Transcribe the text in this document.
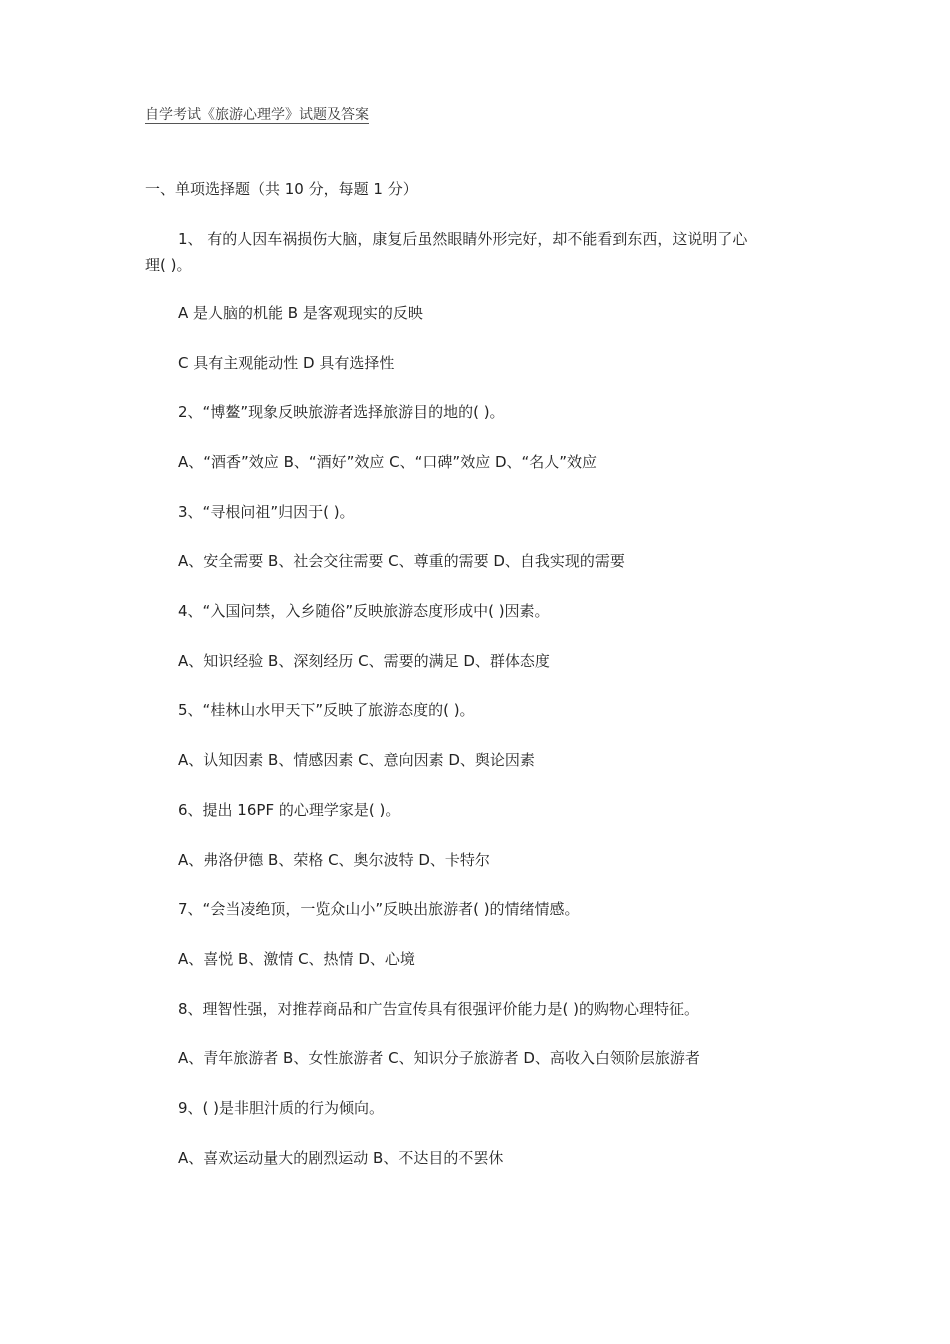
自学考试《旅游心理学》试题及答案
一、单项选择题（共 10 分，每题 1 分）
1、 有的人因车祸损伤大脑，康复后虽然眼睛外形完好，却不能看到东西，这说明了心
理( )。
A 是人脑的机能 B 是客观现实的反映
C 具有主观能动性 D 具有选择性
2、“博鳌”现象反映旅游者选择旅游目的地的( )。
A、“酒香”效应 B、“酒好”效应 C、“口碑”效应 D、“名人”效应
3、“寻根问祖”归因于( )。
A、安全需要 B、社会交往需要 C、尊重的需要 D、自我实现的需要
4、“入国问禁，入乡随俗”反映旅游态度形成中( )因素。
A、知识经验 B、深刻经历 C、需要的满足 D、群体态度
5、“桂林山水甲天下”反映了旅游态度的( )。
A、认知因素 B、情感因素 C、意向因素 D、舆论因素
6、提出 16PF 的心理学家是( )。
A、弗洛伊德 B、荣格 C、奥尔波特 D、卡特尔
7、“会当凌绝顶，一览众山小”反映出旅游者( )的情绪情感。
A、喜悦 B、激情 C、热情 D、心境
8、理智性强，对推荐商品和广告宣传具有很强评价能力是( )的购物心理特征。
A、青年旅游者 B、女性旅游者 C、知识分子旅游者 D、高收入白领阶层旅游者
9、( )是非胆汁质的行为倾向。
A、喜欢运动量大的剧烈运动 B、不达目的不罢休
